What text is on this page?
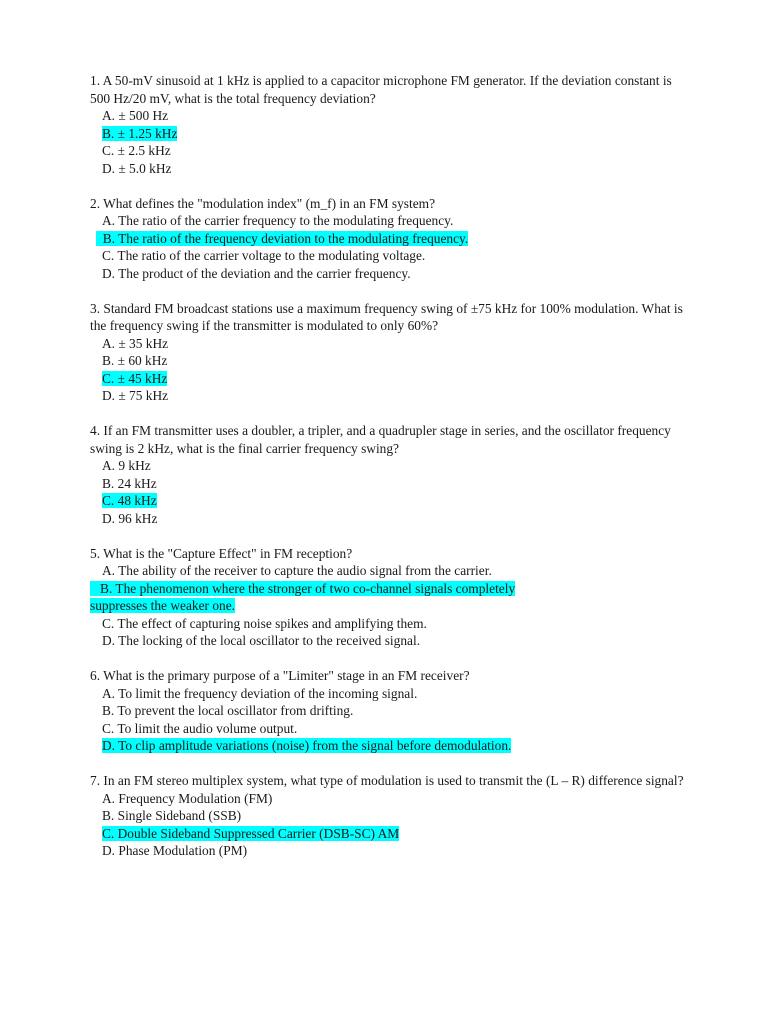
1. A 50-mV sinusoid at 1 kHz is applied to a capacitor microphone FM generator. If the deviation constant is 500 Hz/20 mV, what is the total frequency deviation?

A. ± 500 Hz

B. ± 1.25 kHz

C. ± 2.5 kHz

D. ± 5.0 kHz

2. What defines the "modulation index" (m_f) in an FM system?

A. The ratio of the carrier frequency to the modulating frequency.

B. The ratio of the frequency deviation to the modulating frequency.

C. The ratio of the carrier voltage to the modulating voltage.

D. The product of the deviation and the carrier frequency.

3. Standard FM broadcast stations use a maximum frequency swing of ±75 kHz for 100% modulation. What is the frequency swing if the transmitter is modulated to only 60%?

A. ± 35 kHz

B. ± 60 kHz

C. ± 45 kHz

D. ± 75 kHz

4. If an FM transmitter uses a doubler, a tripler, and a quadrupler stage in series, and the oscillator frequency swing is 2 kHz, what is the final carrier frequency swing?

A. 9 kHz

B. 24 kHz

C. 48 kHz

D. 96 kHz

5. What is the "Capture Effect" in FM reception?

A. The ability of the receiver to capture the audio signal from the carrier.

B. The phenomenon where the stronger of two co-channel signals completely

suppresses the weaker one.

C. The effect of capturing noise spikes and amplifying them.

D. The locking of the local oscillator to the received signal.

6. What is the primary purpose of a "Limiter" stage in an FM receiver?

A. To limit the frequency deviation of the incoming signal.

B. To prevent the local oscillator from drifting.

C. To limit the audio volume output.

D. To clip amplitude variations (noise) from the signal before demodulation.

7. In an FM stereo multiplex system, what type of modulation is used to transmit the (L – R) difference signal?

A. Frequency Modulation (FM)

B. Single Sideband (SSB)

C. Double Sideband Suppressed Carrier (DSB-SC) AM

D. Phase Modulation (PM)
